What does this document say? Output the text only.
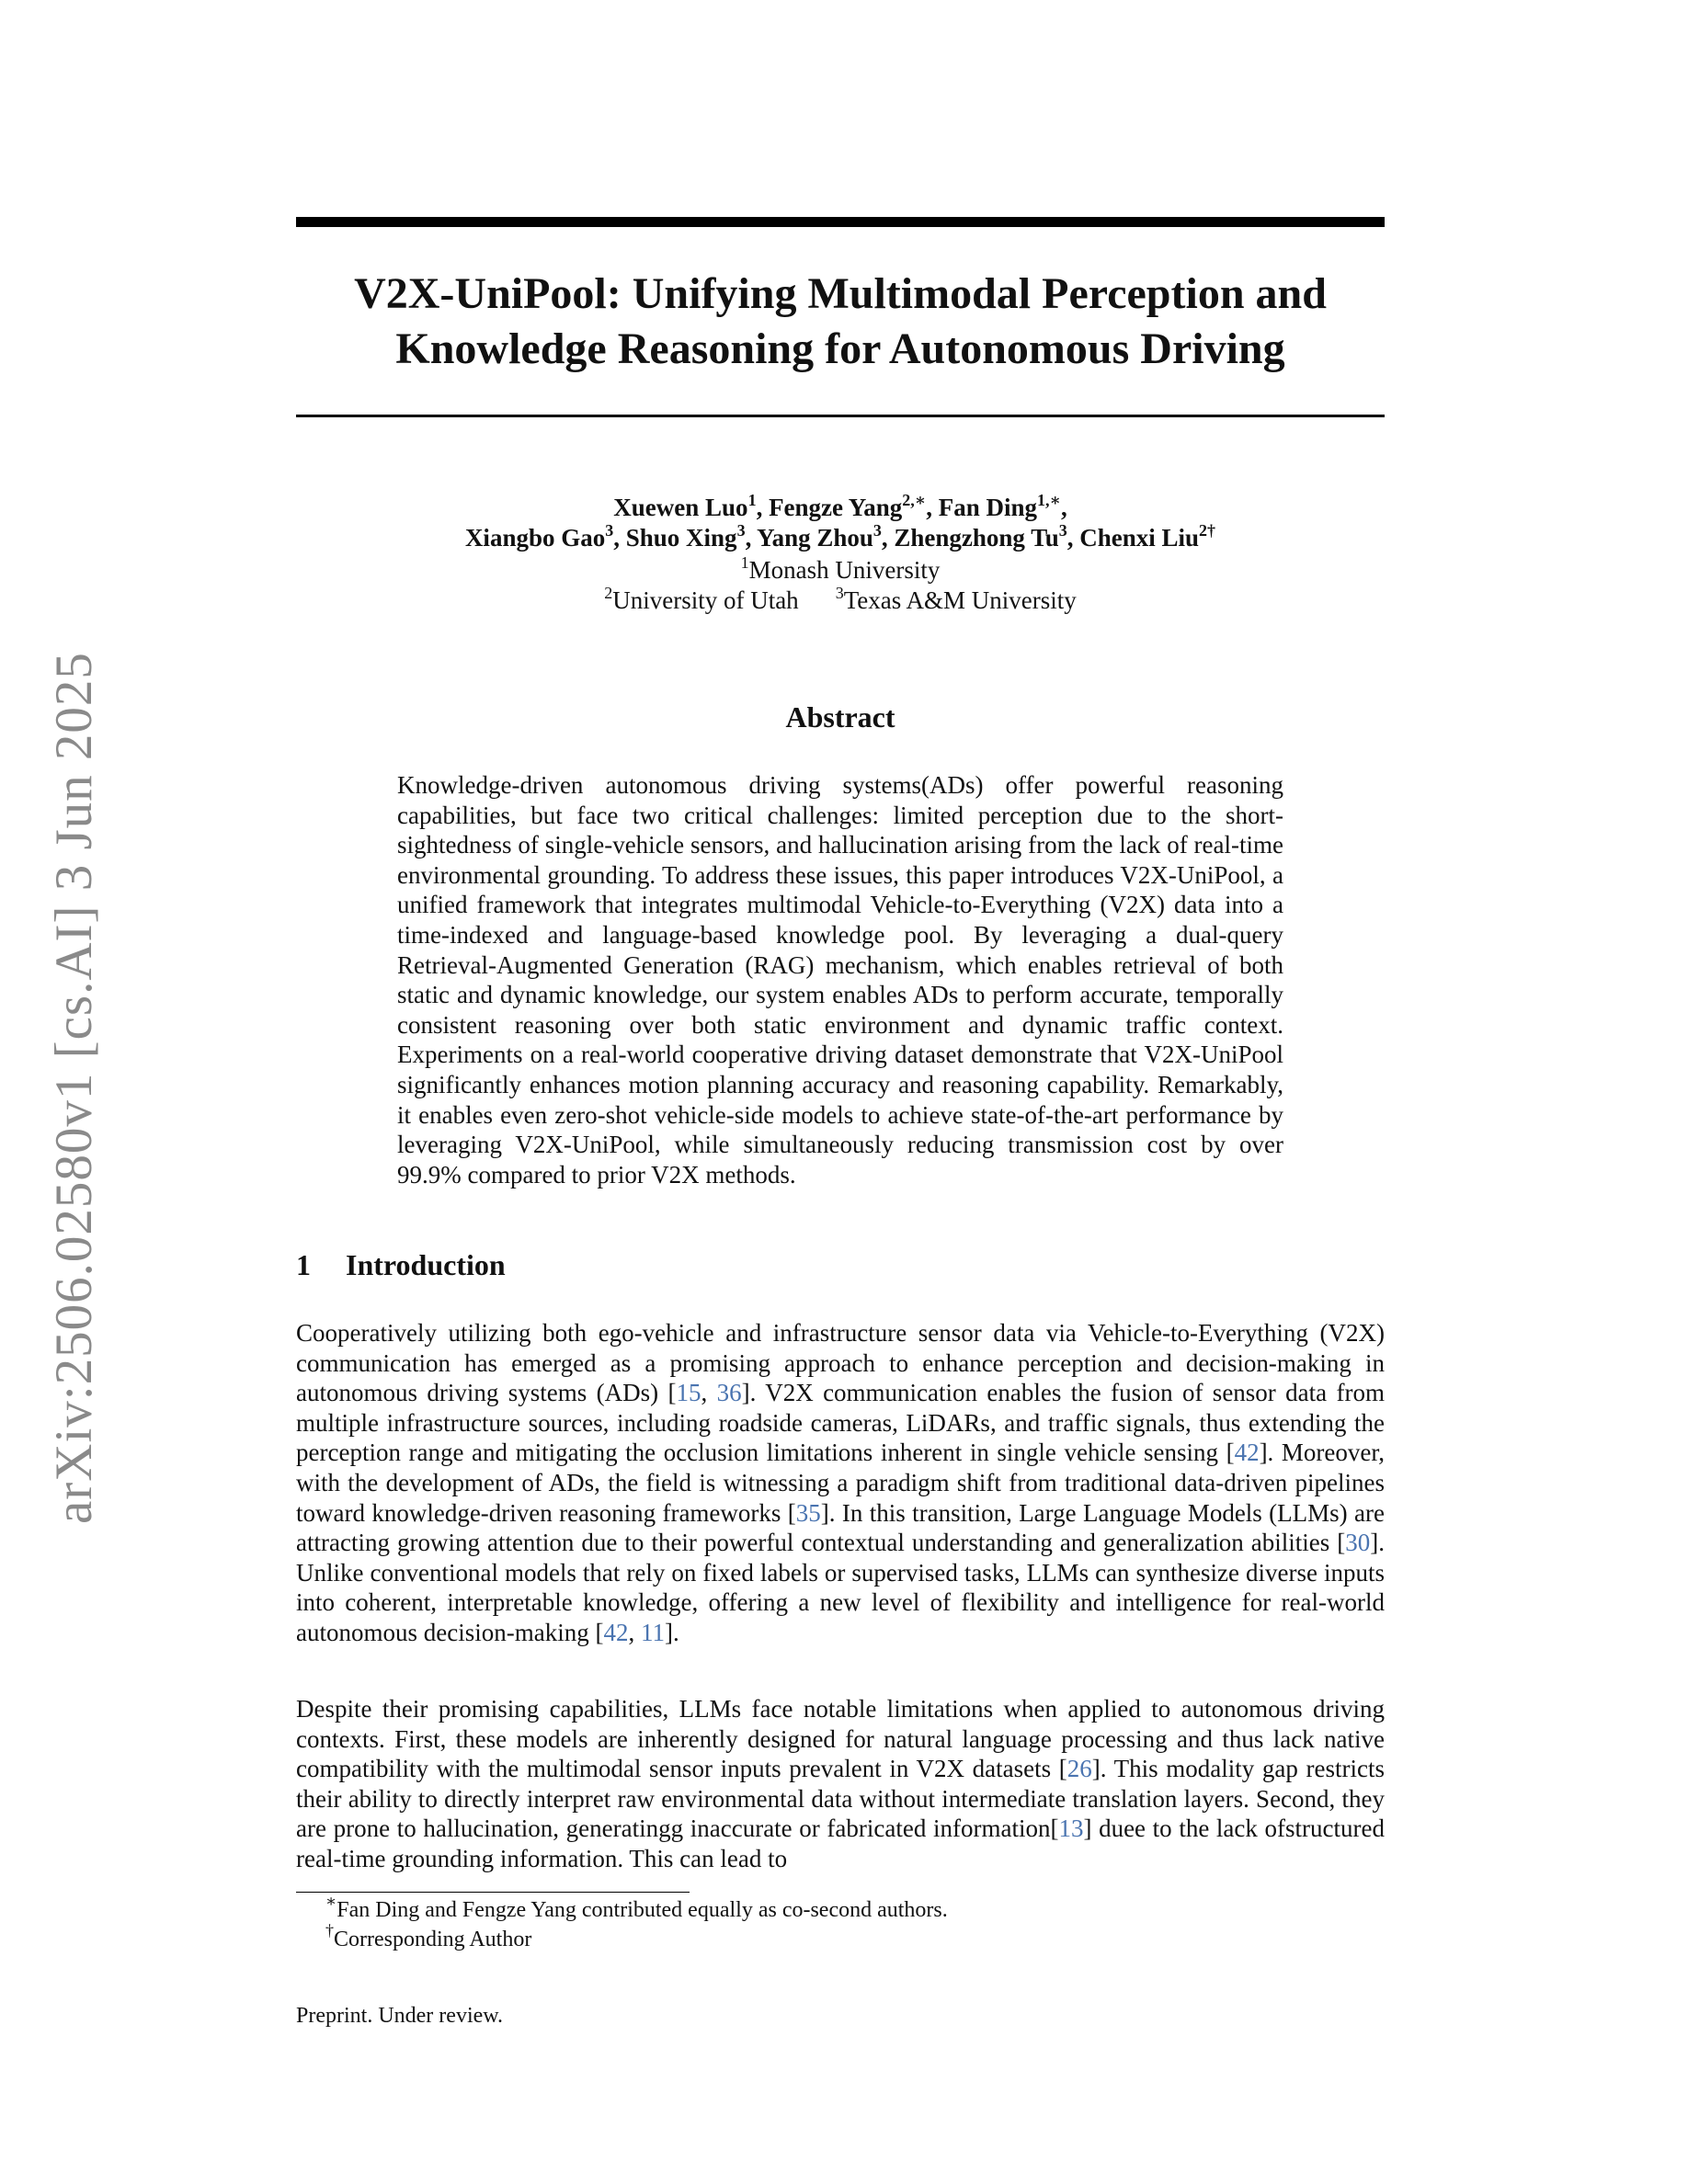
arXiv:2506.02580v1 [cs.AI] 3 Jun 2025
V2X-UniPool: Unifying Multimodal Perception and
Knowledge Reasoning for Autonomous Driving
Xuewen Luo$^1$, Fengze Yang$^{2,∗}$, Fan Ding$^{1,∗}$,
Xiangbo Gao$^3$, Shuo Xing$^3$, Yang Zhou$^3$, Zhengzhong Tu$^3$, Chenxi Liu$^{2\dagger}$
$^1$Monash University
$^2$University of Utah $^3$Texas A&M University
Abstract
Knowledge-driven autonomous driving systems(ADs) offer powerful reasoning capabilities, but face two critical challenges: limited perception due to the short-sightedness of single-vehicle sensors, and hallucination arising from the lack of real-time environmental grounding. To address these issues, this paper introduces V2X-UniPool, a unified framework that integrates multimodal Vehicle-to-Everything (V2X) data into a time-indexed and language-based knowledge pool. By leveraging a dual-query Retrieval-Augmented Generation (RAG) mechanism, which enables retrieval of both static and dynamic knowledge, our system enables ADs to perform accurate, temporally consistent reasoning over both static environment and dynamic traffic context. Experiments on a real-world cooperative driving dataset demonstrate that V2X-UniPool significantly enhances motion planning accuracy and reasoning capability. Remarkably, it enables even zero-shot vehicle-side models to achieve state-of-the-art performance by leveraging V2X-UniPool, while simultaneously reducing transmission cost by over 99.9% compared to prior V2X methods.
1 Introduction
Cooperatively utilizing both ego-vehicle and infrastructure sensor data via Vehicle-to-Everything (V2X) communication has emerged as a promising approach to enhance perception and decision-making in autonomous driving systems (ADs) [15, 36]. V2X communication enables the fusion of sensor data from multiple infrastructure sources, including roadside cameras, LiDARs, and traffic signals, thus extending the perception range and mitigating the occlusion limitations inherent in single vehicle sensing [42]. Moreover, with the development of ADs, the field is witnessing a paradigm shift from traditional data-driven pipelines toward knowledge-driven reasoning frameworks [35]. In this transition, Large Language Models (LLMs) are attracting growing attention due to their powerful contextual understanding and generalization abilities [30]. Unlike conventional models that rely on fixed labels or supervised tasks, LLMs can synthesize diverse inputs into coherent, interpretable knowledge, offering a new level of flexibility and intelligence for real-world autonomous decision-making [42, 11].
Despite their promising capabilities, LLMs face notable limitations when applied to autonomous driving contexts. First, these models are inherently designed for natural language processing and thus lack native compatibility with the multimodal sensor inputs prevalent in V2X datasets [26]. This modality gap restricts their ability to directly interpret raw environmental data without intermediate translation layers. Second, they are prone to hallucination, generatingg inaccurate or fabricated information[13] duee to the lack ofstructured real-time grounding information. This can lead to
∗Fan Ding and Fengze Yang contributed equally as co-second authors.
†Corresponding Author
Preprint. Under review.
